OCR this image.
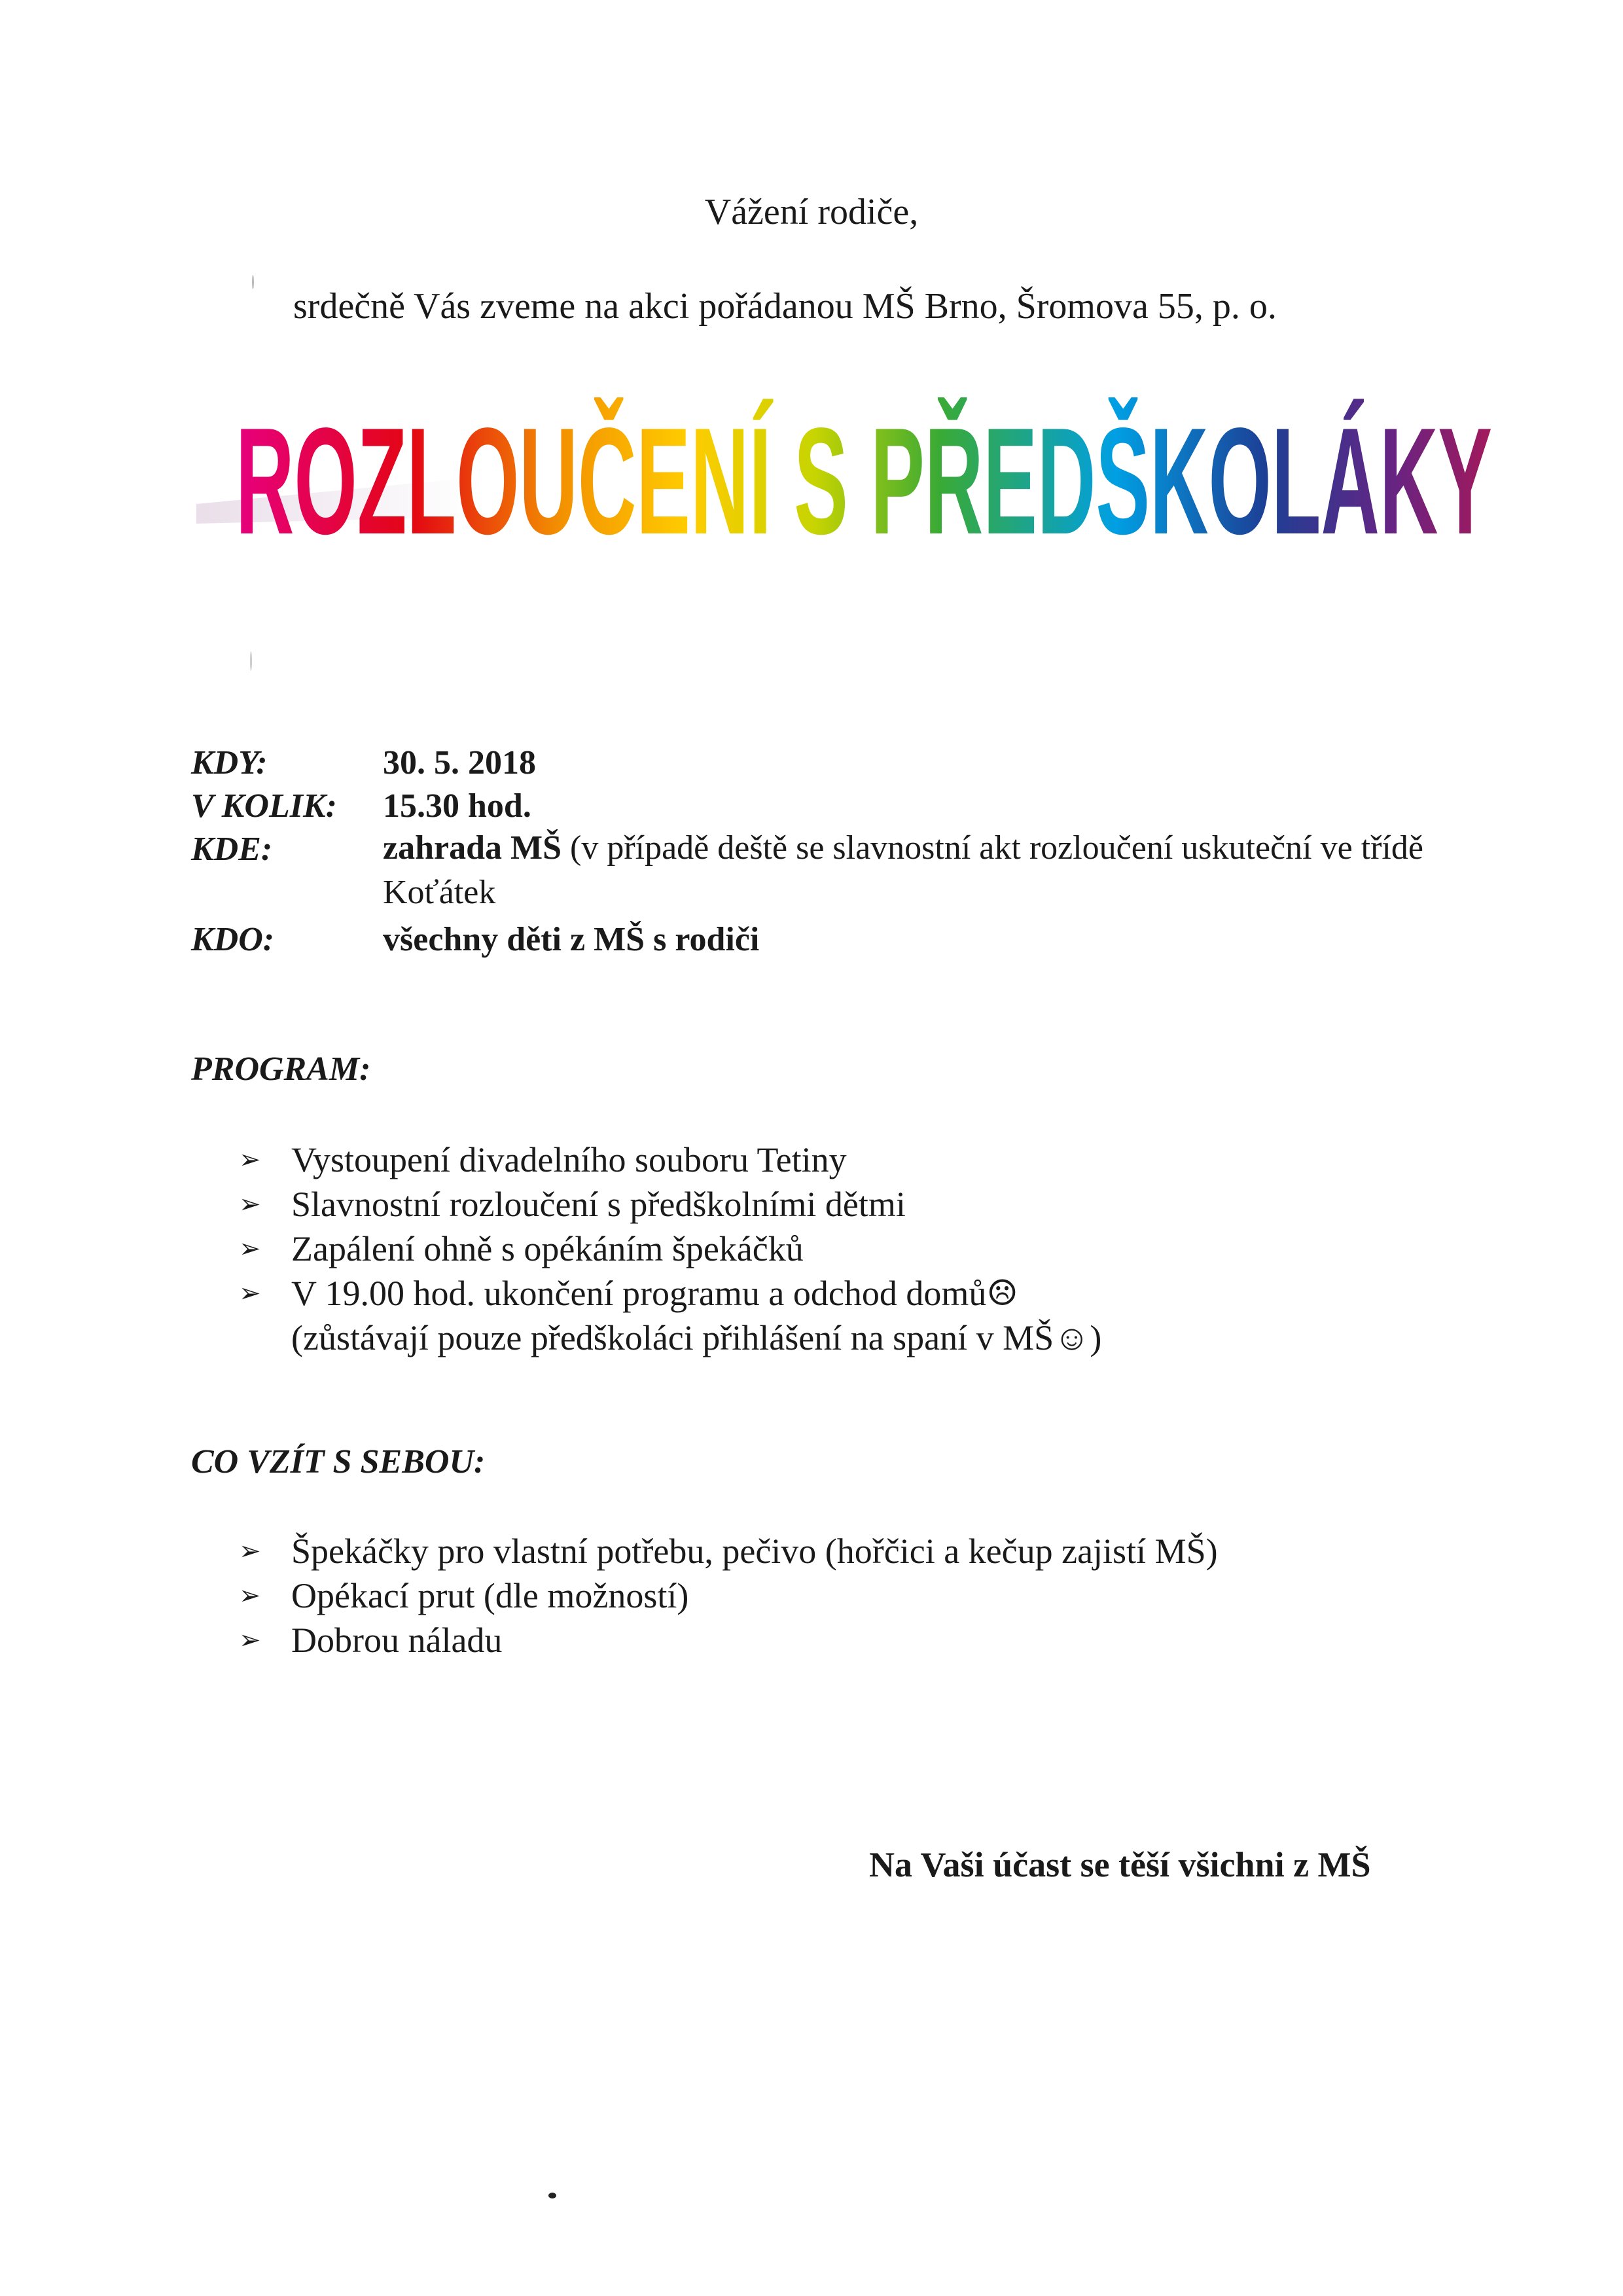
Vážení rodiče,

srdečně Vás zveme na akci pořádanou MŠ Brno, Šromova 55, p. o.

ROZLOUČENÍ S PŘEDŠKOLÁKY

KDY:	30. 5. 2018

V KOLIK: 15.30 hod.

KDE:	zahrada MŠ (v případě deště se slavnostní akt rozloučení uskuteční ve třídě Koťátek

KDO:	všechny děti z MŠ s rodiči

PROGRAM:

➢ Vystoupení divadelního souboru Tetiny
➢ Slavnostní rozloučení s předškolními dětmi
➢ Zapálení ohně s opékáním špekáčků
➢ V 19.00 hod. ukončení programu a odchod domů☹

(zůstávají pouze předškoláci přihlášení na spaní v MŠ☺)

CO VZÍT S SEBOU:

➢ Špekáčky pro vlastní potřebu, pečivo (hořčici a kečup zajistí MŠ)
➢ Opékací prut (dle možností)
➢ Dobrou náladu

Na Vaši účast se těší všichni z MŠ
